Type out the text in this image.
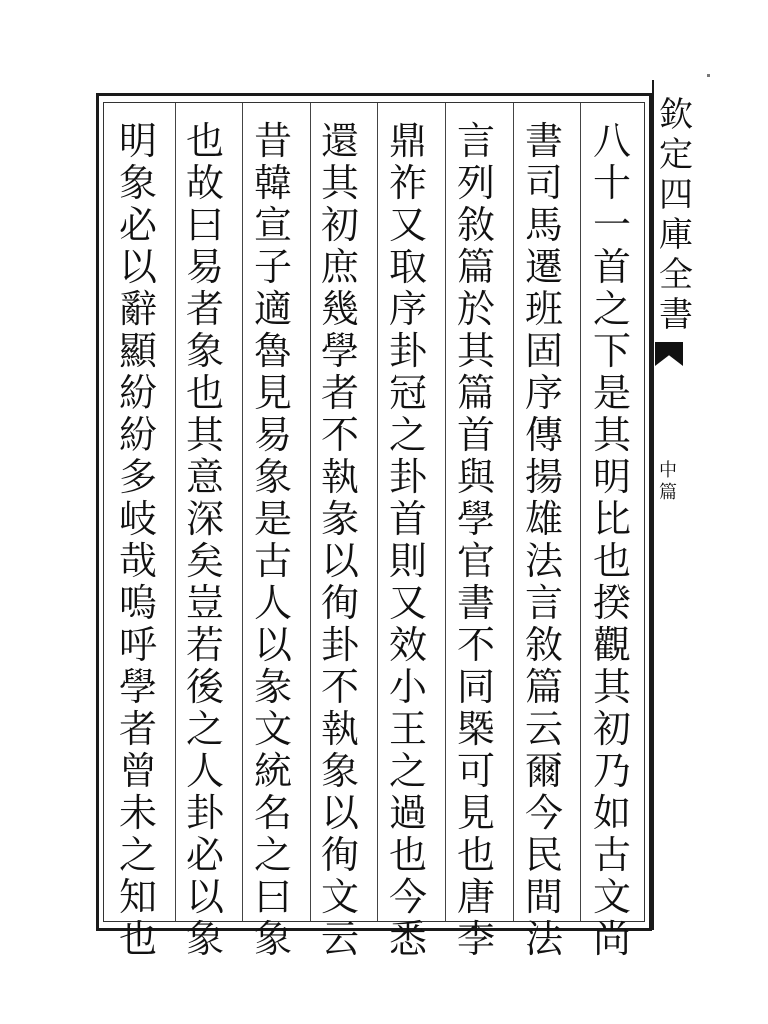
欽
定
四
庫
全
書
中
篇
八
十
一
首
之
下
是
其
明
比
也
揆
觀
其
初
乃
如
古
文
尚
書
司
馬
遷
班
固
序
傳
揚
雄
法
言
敘
篇
云
爾
今
民
間
法
言
列
敘
篇
於
其
篇
首
與
學
官
書
不
同
槩
可
見
也
唐
李
鼎
祚
又
取
序
卦
冠
之
卦
首
則
又
效
小
王
之
過
也
今
悉
還
其
初
庶
幾
學
者
不
執
彖
以
徇
卦
不
執
象
以
徇
文
云
昔
韓
宣
子
適
魯
見
易
象
是
古
人
以
彖
文
統
名
之
曰
象
也
故
曰
易
者
象
也
其
意
深
矣
豈
若
後
之
人
卦
必
以
象
明
象
必
以
辭
顯
紛
紛
多
岐
哉
嗚
呼
學
者
曾
未
之
知
也
